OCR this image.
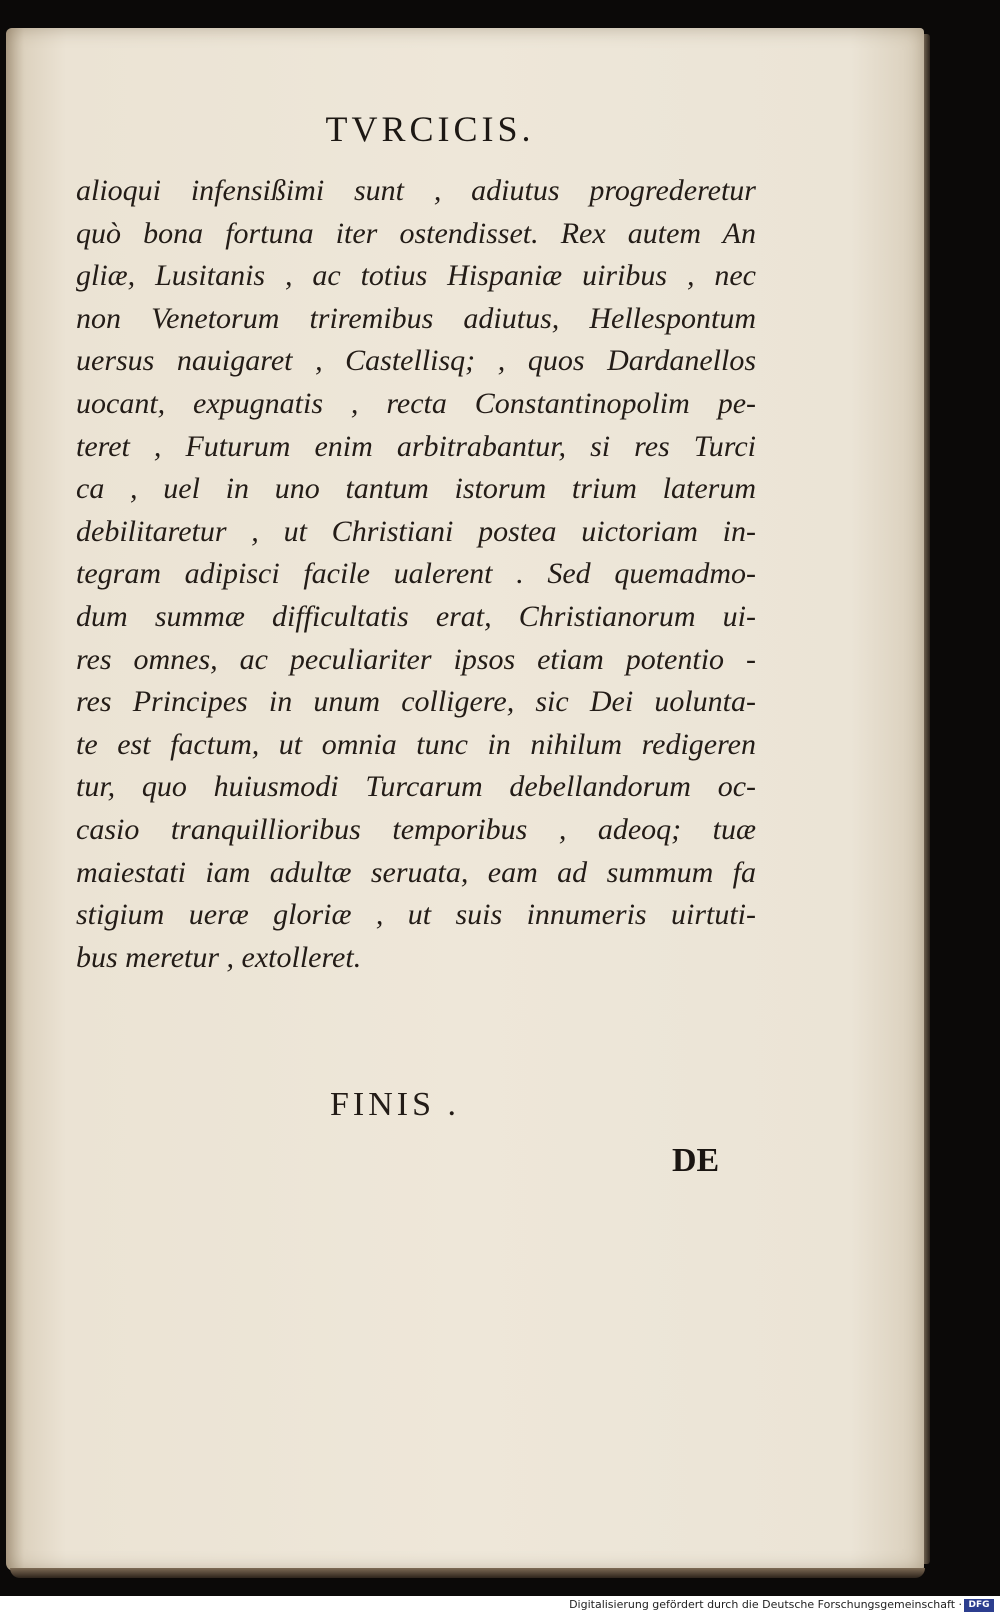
TVRCICIS.
alioqui infensißimi sunt , adiutus progrederetur
quò bona fortuna iter ostendisset. Rex autem An
gliæ, Lusitanis , ac totius Hispaniæ uiribus , nec
non Venetorum triremibus adiutus, Hellespontum
uersus nauigaret , Castellisq; , quos Dardanellos
uocant, expugnatis , recta Constantinopolim pe-
teret , Futurum enim arbitrabantur, si res Turci
ca , uel in uno tantum istorum trium laterum
debilitaretur , ut Christiani postea uictoriam in-
tegram adipisci facile ualerent . Sed quemadmo-
dum summæ difficultatis erat, Christianorum ui-
res omnes, ac peculiariter ipsos etiam potentio -
res Principes in unum colligere, sic Dei uolunta-
te est factum, ut omnia tunc in nihilum redigeren
tur, quo huiusmodi Turcarum debellandorum oc-
casio tranquillioribus temporibus , adeoq; tuæ
maiestati iam adultæ seruata, eam ad summum fa
stigium ueræ gloriæ , ut suis innumeris uirtuti-
bus meretur , extolleret.
FINIS .
DE
Digitalisierung gefördert durch die Deutsche Forschungsgemeinschaft · DFG
